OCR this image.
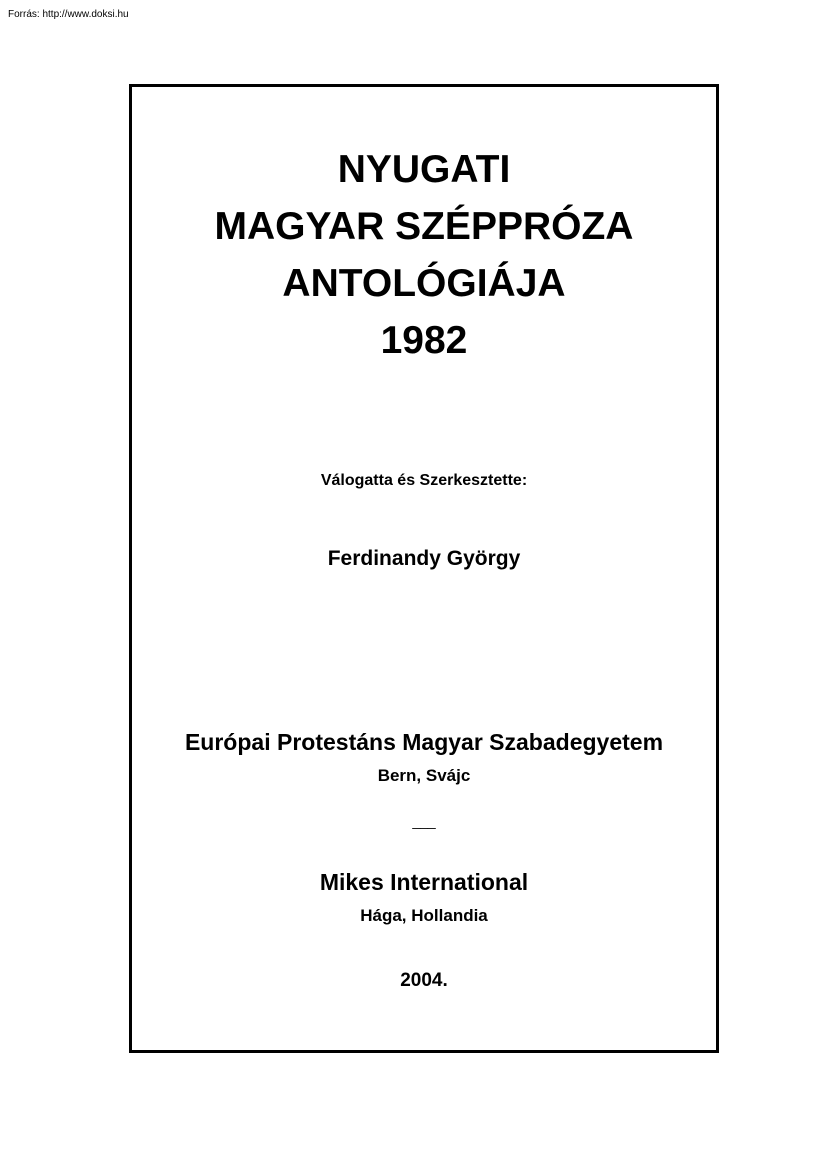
Forrás: http://www.doksi.hu
NYUGATI
MAGYAR SZÉPPRÓZA
ANTOLÓGIÁJA
1982
Válogatta és Szerkesztette:
Ferdinandy György
Európai Protestáns Magyar Szabadegyetem
Bern, Svájc
___
Mikes International
Hága, Hollandia
2004.
